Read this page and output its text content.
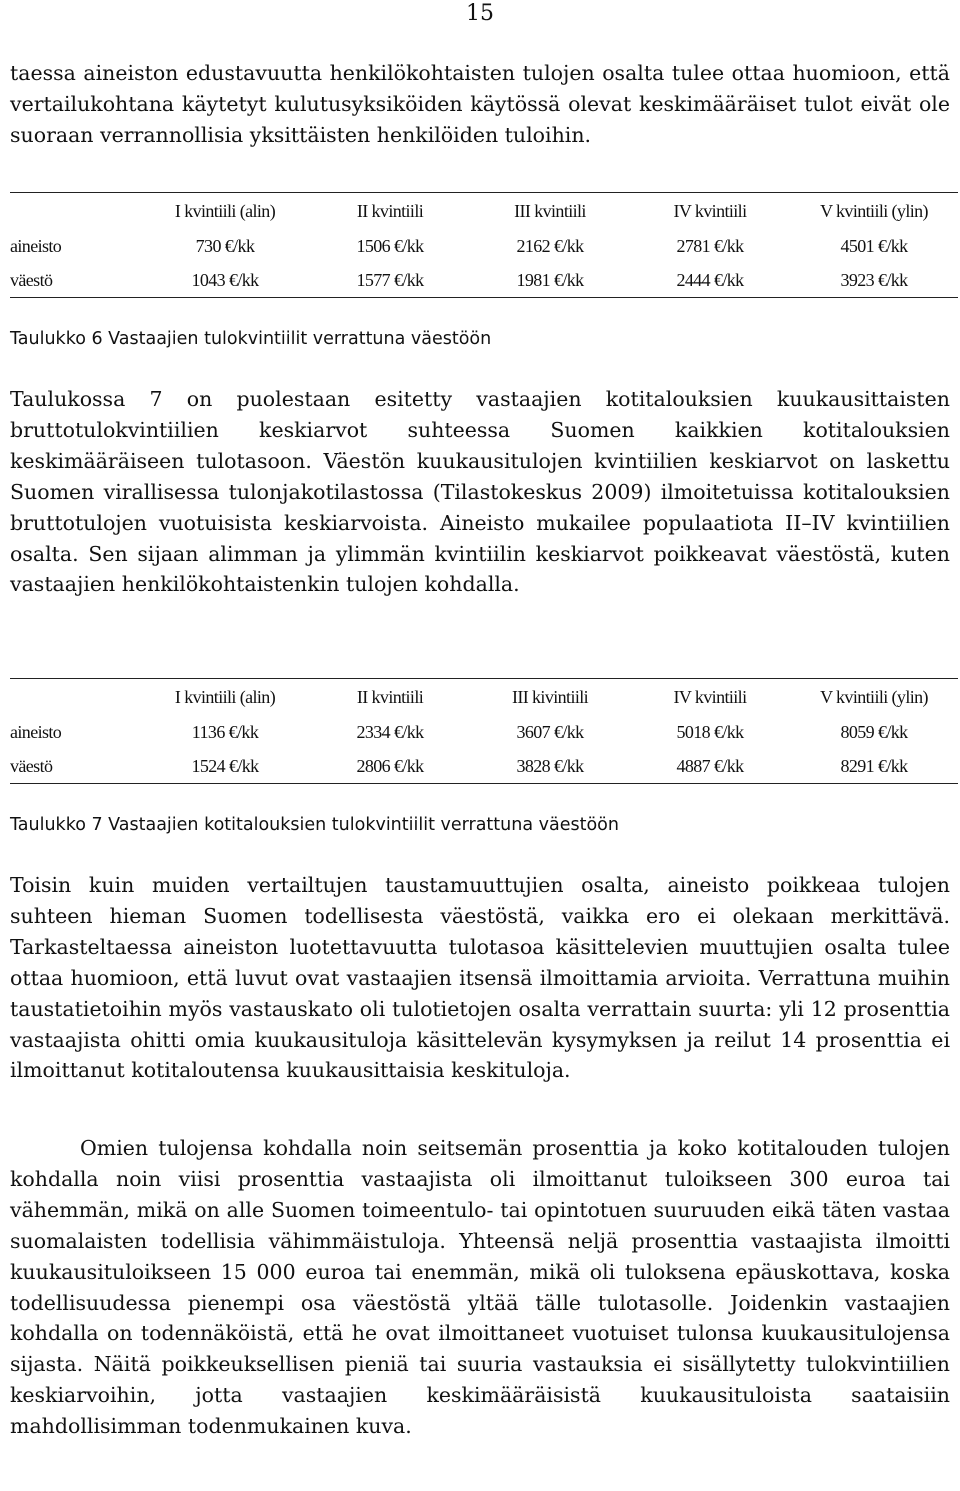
15

taessa aineiston edustavuutta henkilökohtaisten tulojen osalta tulee ottaa huomioon, että vertailukohtana käytetyt kulutusyksiköiden käytössä olevat keskimääräiset tulot eivät ole suoraan verrannollisia yksittäisten henkilöiden tuloihin.

	I kvintiili (alin)	II kvintiili	III kvintiili	IV kvintiili	V kvintiili (ylin)
aineisto	730 €/kk	1506 €/kk	2162 €/kk	2781 €/kk	4501 €/kk
väestö	1043 €/kk	1577 €/kk	1981 €/kk	2444 €/kk	3923 €/kk
Taulukko 6 Vastaajien tulokvintiilit verrattuna väestöön

Taulukossa 7 on puolestaan esitetty vastaajien kotitalouksien kuukausittaisten bruttotulokvintiilien keskiarvot suhteessa Suomen kaikkien kotitalouksien keskimääräiseen tulotasoon. Väestön kuukausitulojen kvintiilien keskiarvot on laskettu Suomen virallisessa tulonjakotilastossa (Tilastokeskus 2009) ilmoitetuissa kotitalouksien bruttotulojen vuotuisista keskiarvoista. Aineisto mukailee populaatiota II–IV kvintiilien osalta. Sen sijaan alimman ja ylimmän kvintiilin keskiarvot poikkeavat väestöstä, kuten vastaajien henkilökohtaistenkin tulojen kohdalla.

	I kvintiili (alin)	II kvintiili	III kivintiili	IV kvintiili	V kvintiili (ylin)
aineisto	1136 €/kk	2334 €/kk	3607 €/kk	5018 €/kk	8059 €/kk
väestö	1524 €/kk	2806 €/kk	3828 €/kk	4887 €/kk	8291 €/kk
Taulukko 7 Vastaajien kotitalouksien tulokvintiilit verrattuna väestöön

Toisin kuin muiden vertailtujen taustamuuttujien osalta, aineisto poikkeaa tulojen suhteen hieman Suomen todellisesta väestöstä, vaikka ero ei olekaan merkittävä. Tarkasteltaessa aineiston luotettavuutta tulotasoa käsittelevien muuttujien osalta tulee ottaa huomioon, että luvut ovat vastaajien itsensä ilmoittamia arvioita. Verrattuna muihin taustatietoihin myös vastauskato oli tulotietojen osalta verrattain suurta: yli 12 prosenttia vastaajista ohitti omia kuukausituloja käsittelevän kysymyksen ja reilut 14 prosenttia ei ilmoittanut kotitaloutensa kuukausittaisia keskituloja.

Omien tulojensa kohdalla noin seitsemän prosenttia ja koko kotitalouden tulojen kohdalla noin viisi prosenttia vastaajista oli ilmoittanut tuloikseen 300 euroa tai vähemmän, mikä on alle Suomen toimeentulo- tai opintotuen suuruuden eikä täten vastaa suomalaisten todellisia vähimmäistuloja. Yhteensä neljä prosenttia vastaajista ilmoitti kuukausituloikseen 15 000 euroa tai enemmän, mikä oli tuloksena epäuskottava, koska todellisuudessa pienempi osa väestöstä yltää tälle tulotasolle. Joidenkin vastaajien kohdalla on todennäköistä, että he ovat ilmoittaneet vuotuiset tulonsa kuukausitulojensa sijasta. Näitä poikkeuksellisen pieniä tai suuria vastauksia ei sisällytetty tulokvintiilien keskiarvoihin, jotta vastaajien keskimääräisistä kuukausituloista saataisiin mahdollisimman todenmukainen kuva.
